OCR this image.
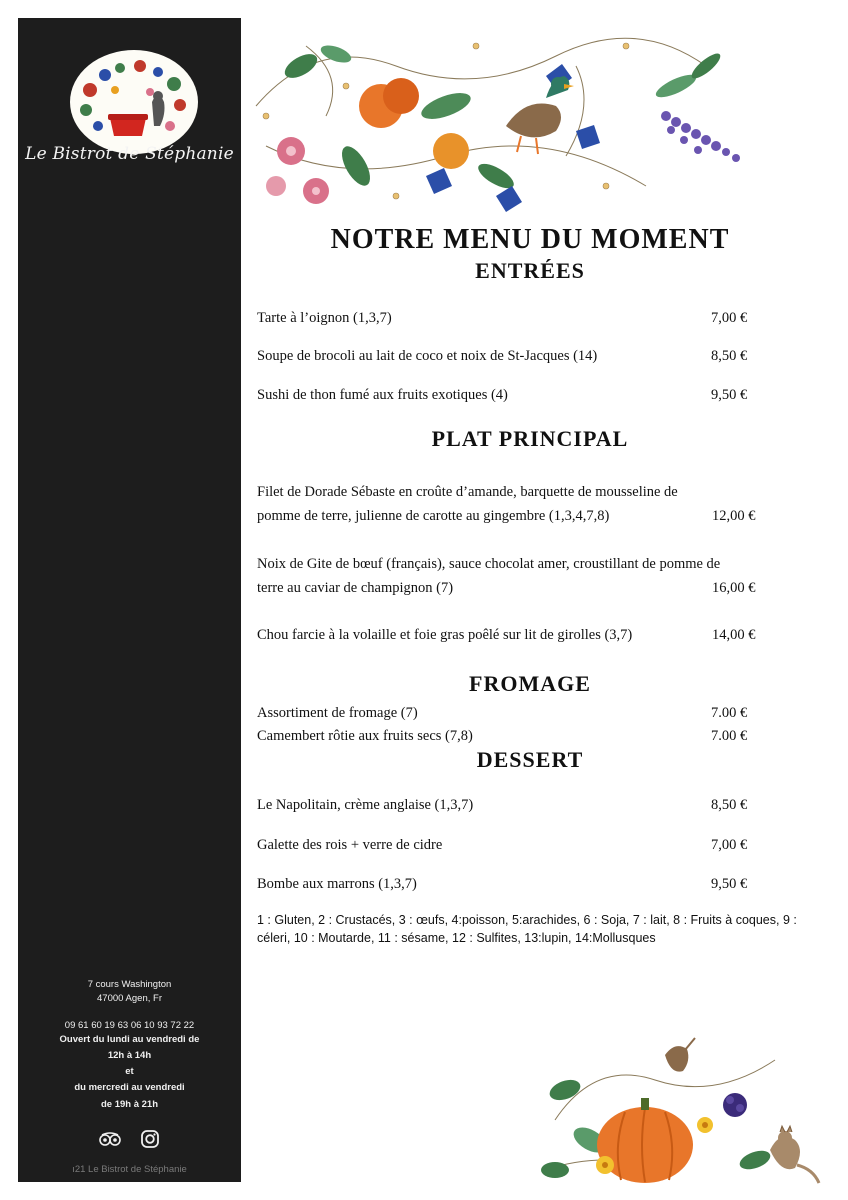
Le Bistrot de Stéphanie
7 cours Washington
47000 Agen, Fr
09 61 60 19 63 06 10 93 72 22
Ouvert du lundi au vendredi de
12h à 14h
et
du mercredi au vendredi
de 19h à 21h
ı21 Le Bistrot de Stéphanie
NOTRE MENU DU MOMENT
ENTRÉES
Tarte à l’oignon (1,3,7)	7,00 €
Soupe de brocoli au lait de coco et noix de St-Jacques (14)	8,50 €
Sushi de thon fumé aux fruits exotiques (4)	9,50 €
PLAT PRINCIPAL
Filet de Dorade Sébaste en croûte d’amande, barquette de mousseline de
pomme de terre, julienne de carotte au gingembre (1,3,4,7,8)	12,00 €
Noix de Gite de bœuf (français), sauce chocolat amer, croustillant de pomme de
terre au caviar de champignon (7)	16,00 €
Chou farcie à la volaille et foie gras poêlé sur lit de girolles (3,7)	14,00 €
FROMAGE
Assortiment de fromage (7)	7.00 €
Camembert rôtie aux fruits secs (7,8)	7.00 €
DESSERT
Le Napolitain, crème anglaise (1,3,7)	8,50 €
Galette des rois + verre de cidre	7,00 €
Bombe aux marrons (1,3,7)	9,50 €
1 : Gluten, 2 : Crustacés, 3 : œufs, 4:poisson, 5:arachides, 6 : Soja, 7 : lait, 8 : Fruits à coques, 9 : céleri, 10 : Moutarde, 11 : sésame, 12 : Sulfites, 13:lupin, 14:Mollusques
